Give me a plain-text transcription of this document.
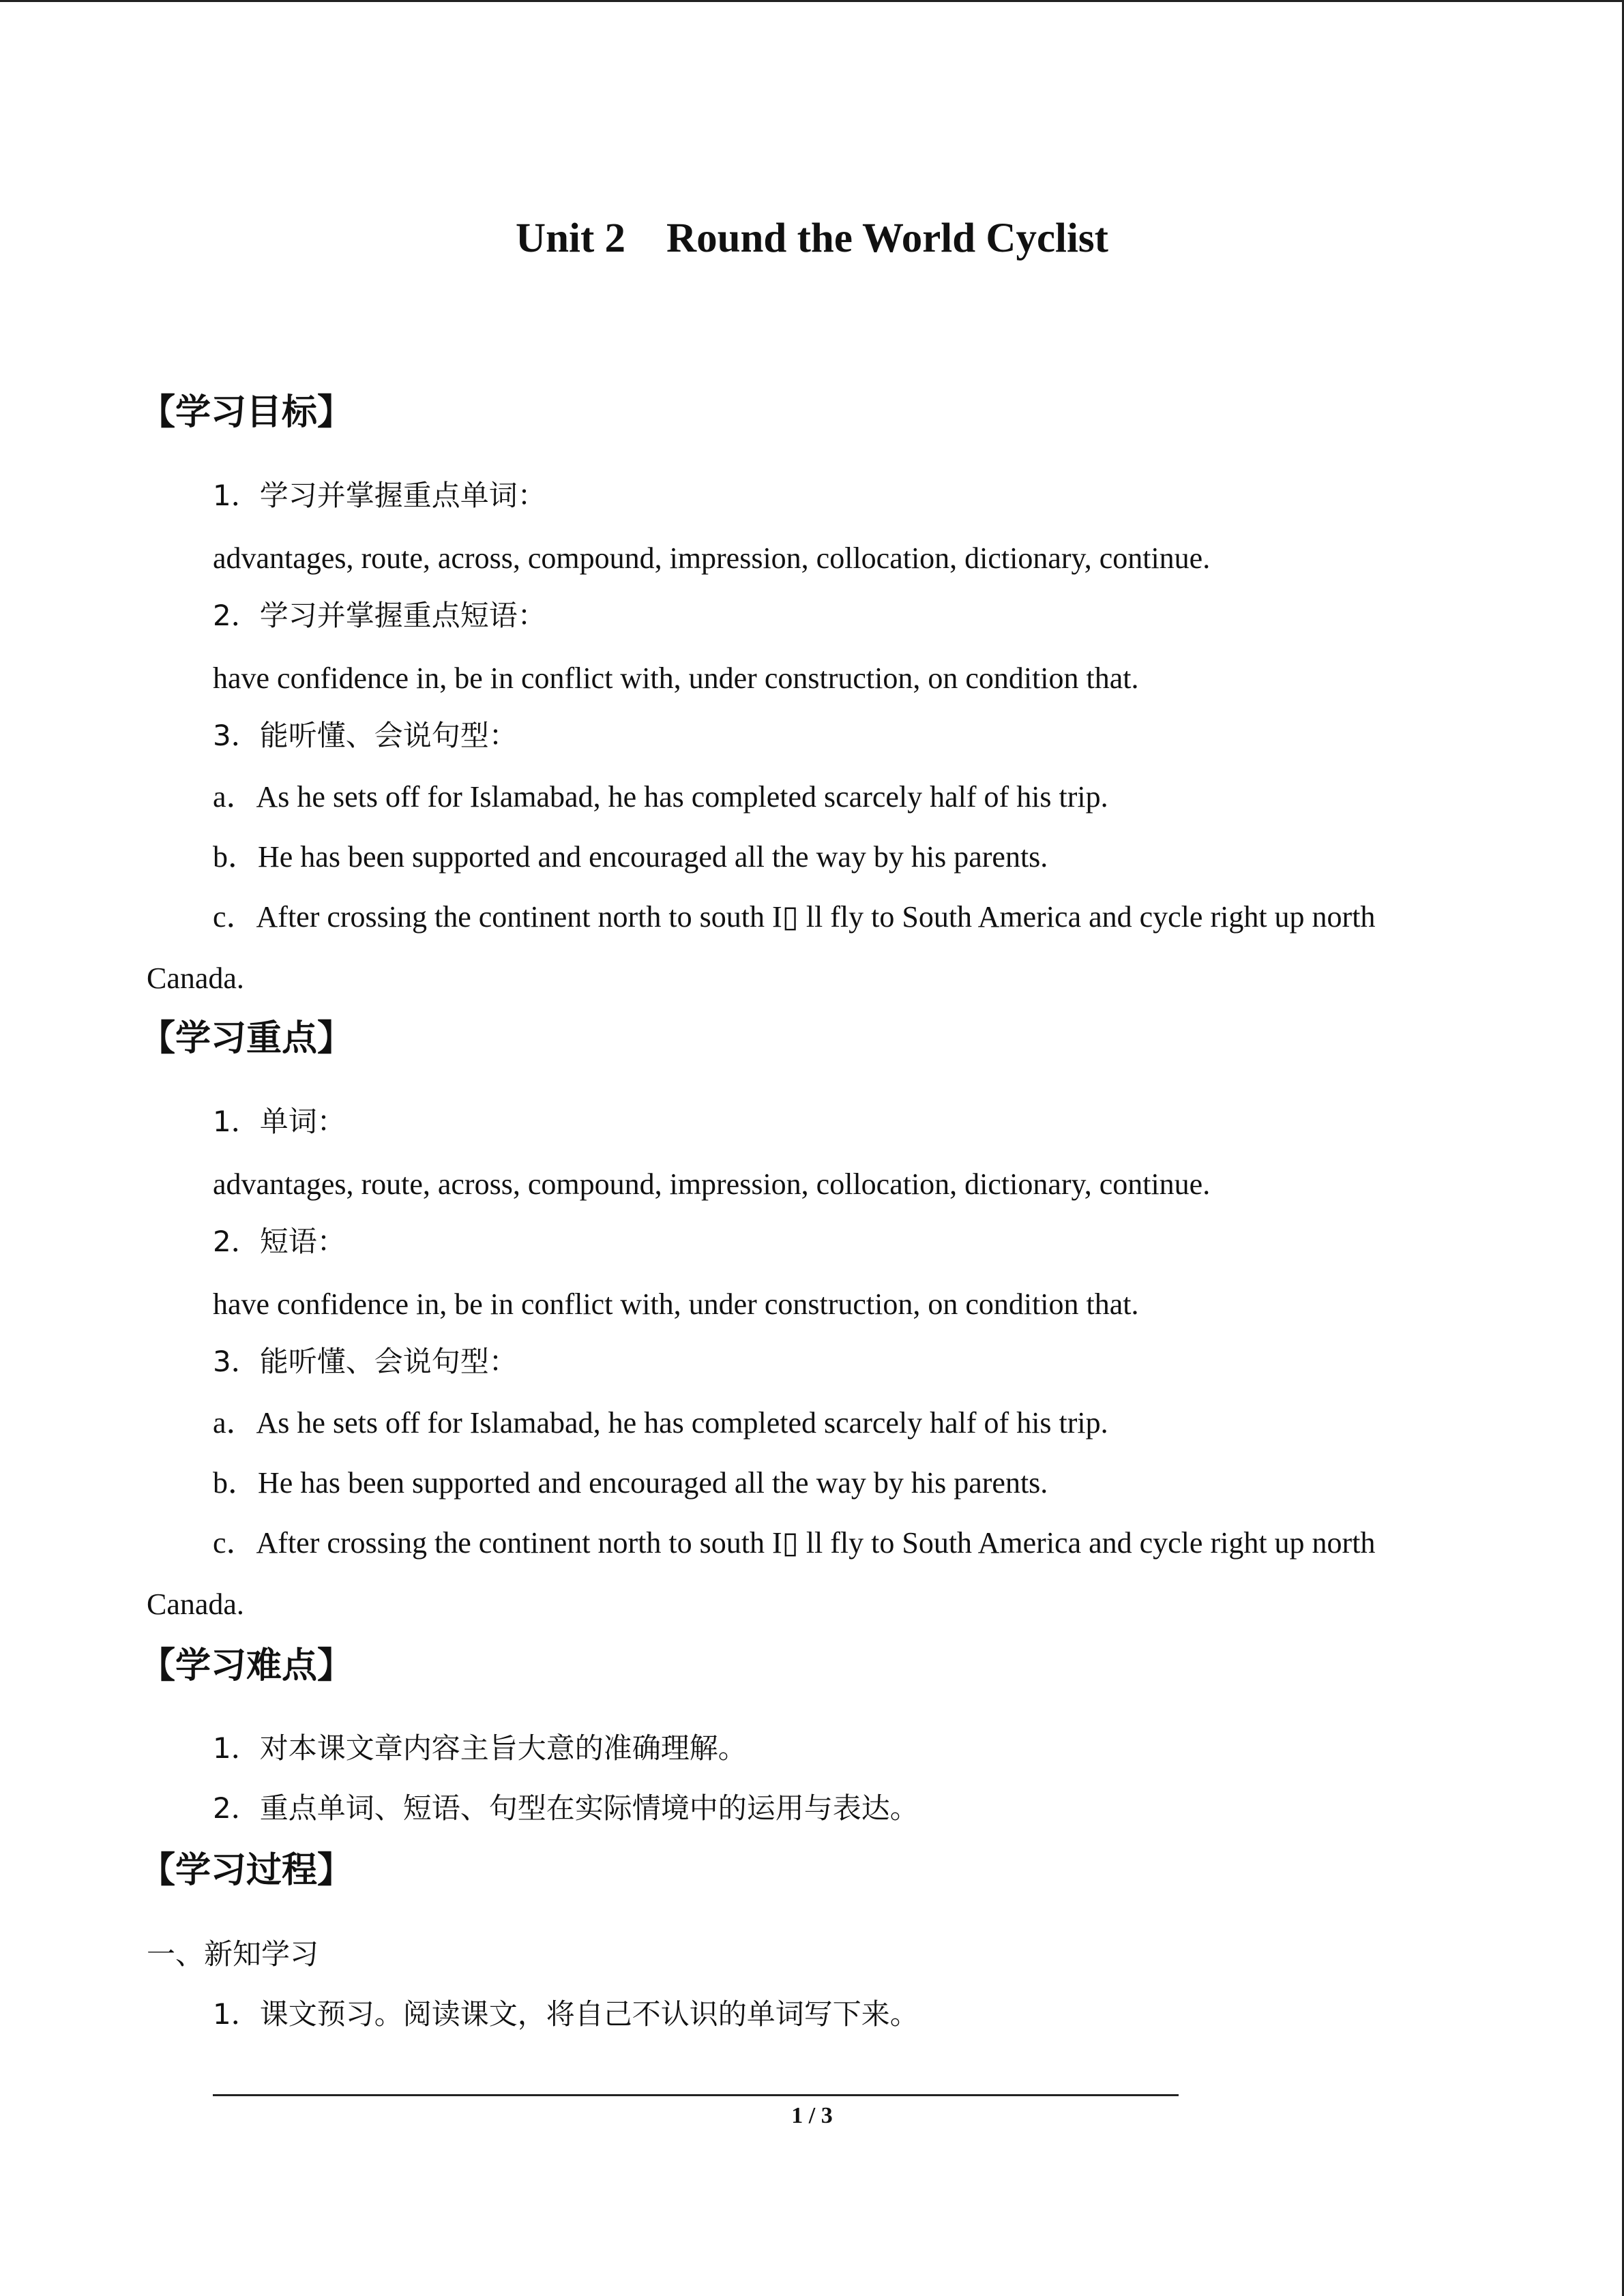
Unit 2 Round the World Cyclist
【学习目标】
1．学习并掌握重点单词：
advantages, route, across, compound, impression, collocation, dictionary, continue.
2．学习并掌握重点短语：
have confidence in, be in conflict with, under construction, on condition that.
3．能听懂、会说句型：
a．As he sets off for Islamabad, he has completed scarcely half of his trip.
b．He has been supported and encouraged all the way by his parents.
c．After crossing the continent north to south I▯ ll fly to South America and cycle right up north
Canada.
【学习重点】
1．单词：
advantages, route, across, compound, impression, collocation, dictionary, continue.
2．短语：
have confidence in, be in conflict with, under construction, on condition that.
3．能听懂、会说句型：
a．As he sets off for Islamabad, he has completed scarcely half of his trip.
b．He has been supported and encouraged all the way by his parents.
c．After crossing the continent north to south I▯ ll fly to South America and cycle right up north
Canada.
【学习难点】
1．对本课文章内容主旨大意的准确理解。
2．重点单词、短语、句型在实际情境中的运用与表达。
【学习过程】
一、新知学习
1．课文预习。阅读课文，将自己不认识的单词写下来。
1 / 3
